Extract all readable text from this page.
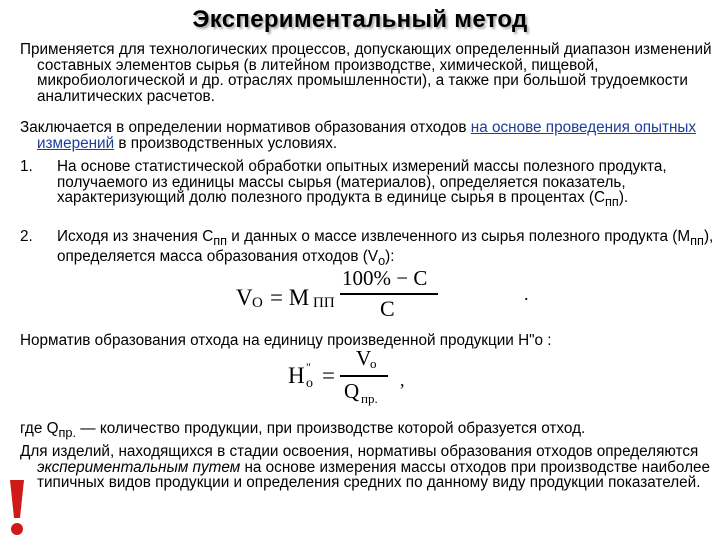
Экспериментальный метод
Применяется для технологических процессов, допускающих определенный диапазон изменений составных элементов сырья (в литейном производстве, химической, пищевой, микробиологической и др. отраслях промышленности), а также при большой трудоемкости аналитических расчетов.
Заключается в определении нормативов образования отходов на основе проведения опытных измерений в производственных условиях.
1. На основе статистической обработки опытных измерений массы полезного продукта, получаемого из единицы массы сырья (материалов), определяется показатель, характеризующий долю полезного продукта в единице сырья в процентах $(С_{пп})$.
2. Исходя из значения $С_{пп}$ и данных о массе извлеченного из сырья полезного продукта $(М_{пп})$, определяется масса образования отходов $(V_о)$:
V O = M ПП
100% − C
C
.
Норматив образования отхода на единицу произведенной продукции Н"о :
H "
o =
V
o
Q пр.
,
где $Q_{пр.}$ — количество продукции, при производстве которой образуется отход.
Для изделий, находящихся в стадии освоения, нормативы образования отходов определяются экспериментальным путем на основе измерения массы отходов при производстве наиболее типичных видов продукции и определения средних по данному виду продукции показателей.
